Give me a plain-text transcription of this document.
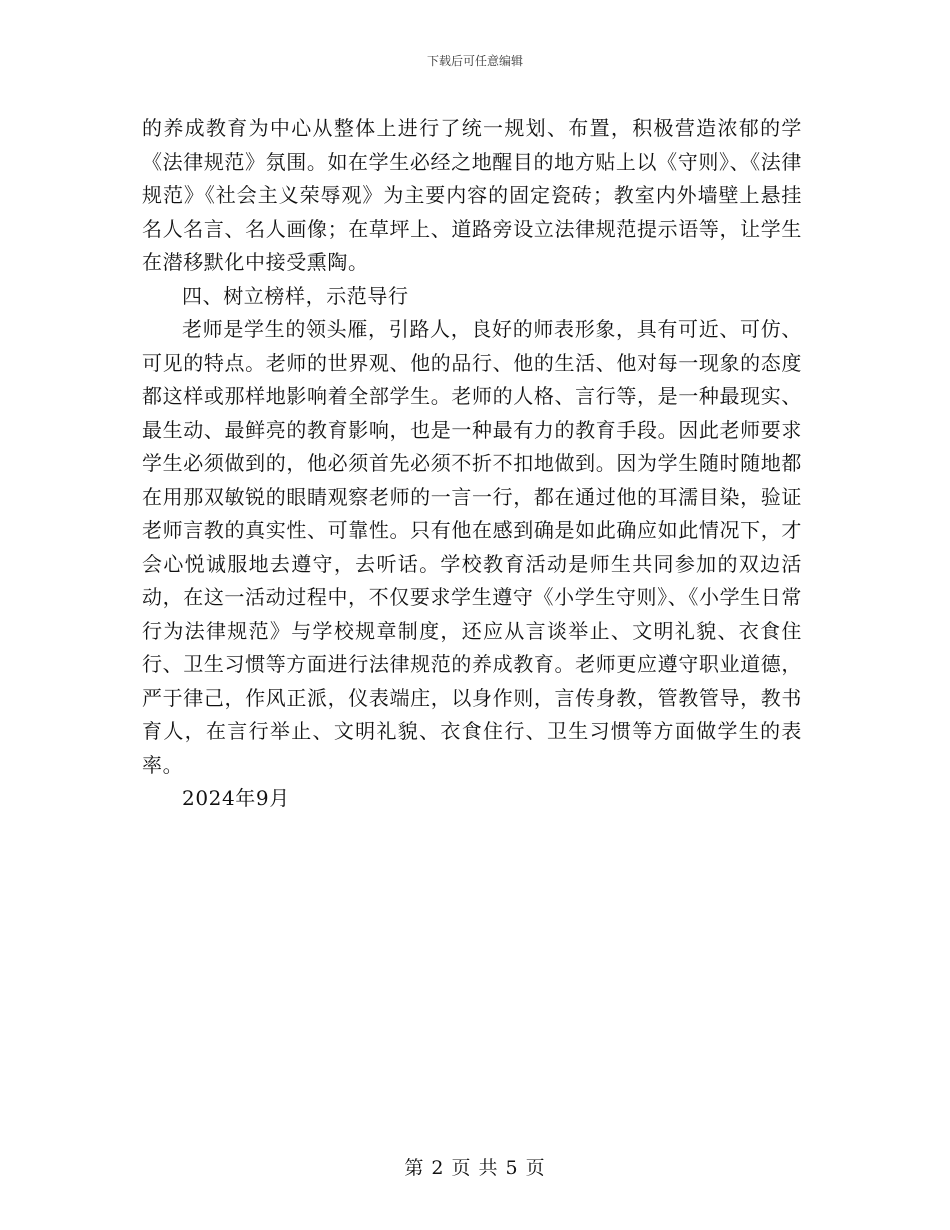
下载后可任意编辑

的养成教育为中心从整体上进行了统一规划、布置，积极营造浓郁的学《法律规范》氛围。如在学生必经之地醒目的地方贴上以《守则》、《法律规范》《社会主义荣辱观》为主要内容的固定瓷砖；教室内外墙壁上悬挂名人名言、名人画像；在草坪上、道路旁设立法律规范提示语等，让学生在潜移默化中接受熏陶。

四、树立榜样，示范导行

老师是学生的领头雁，引路人，良好的师表形象，具有可近、可仿、可见的特点。老师的世界观、他的品行、他的生活、他对每一现象的态度都这样或那样地影响着全部学生。老师的人格、言行等，是一种最现实、最生动、最鲜亮的教育影响，也是一种最有力的教育手段。因此老师要求学生必须做到的，他必须首先必须不折不扣地做到。因为学生随时随地都在用那双敏锐的眼睛观察老师的一言一行，都在通过他的耳濡目染，验证老师言教的真实性、可靠性。只有他在感到确是如此确应如此情况下，才会心悦诚服地去遵守，去听话。学校教育活动是师生共同参加的双边活动，在这一活动过程中，不仅要求学生遵守《小学生守则》、《小学生日常行为法律规范》与学校规章制度，还应从言谈举止、文明礼貌、衣食住行、卫生习惯等方面进行法律规范的养成教育。老师更应遵守职业道德，严于律己，作风正派，仪表端庄，以身作则，言传身教，管教管导，教书育人，在言行举止、文明礼貌、衣食住行、卫生习惯等方面做学生的表率。

2024年9月

第 2 页 共 5 页
